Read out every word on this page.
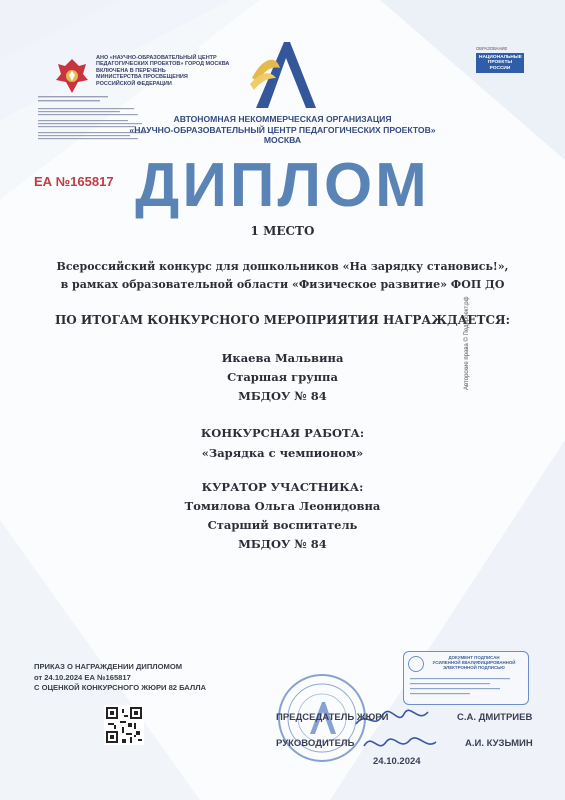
АНО «НАУЧНО-ОБРАЗОВАТЕЛЬНЫЙ ЦЕНТР
ПЕДАГОГИЧЕСКИХ ПРОЕКТОВ» ГОРОД МОСКВА
ВКЛЮЧЕНА В ПЕРЕЧЕНЬ
МИНИСТЕРСТВА ПРОСВЕЩЕНИЯ
РОССИЙСКОЙ ФЕДЕРАЦИИ
ОБРАЗОВАНИЕ
НАЦИОНАЛЬНЫЕ
ПРОЕКТЫ
РОССИИ
АВТОНОМНАЯ НЕКОММЕРЧЕСКАЯ ОРГАНИЗАЦИЯ
«НАУЧНО-ОБРАЗОВАТЕЛЬНЫЙ ЦЕНТР ПЕДАГОГИЧЕСКИХ ПРОЕКТОВ»
МОСКВА
ЕА №165817 ДИПЛОМ
1 МЕСТО
Всероссийский конкурс для дошкольников «На зарядку становись!»,
в рамках образовательной области «Физическое развитие» ФОП ДО
ПО ИТОГАМ КОНКУРСНОГО МЕРОПРИЯТИЯ НАГРАЖДАЕТСЯ:
Икаева Мальвина
Старшая группа
МБДОУ № 84
КОНКУРСНАЯ РАБОТА:
«Зарядка с чемпионом»
КУРАТОР УЧАСТНИКА:
Томилова Ольга Леонидовна
Старший воспитатель
МБДОУ № 84
Авторские права © Педпроект.рф
ПРИКАЗ О НАГРАЖДЕНИИ ДИПЛОМОМ
от 24.10.2024 ЕА №165817
С ОЦЕНКОЙ КОНКУРСНОГО ЖЮРИ 82 БАЛЛА
ДОКУМЕНТ ПОДПИСАН
УСИЛЕННОЙ КВАЛИФИЦИРОВАННОЙ
ЭЛЕКТРОННОЙ ПОДПИСЬЮ
ПРЕДСЕДАТЕЛЬ ЖЮРИ	С.А. ДМИТРИЕВ
РУКОВОДИТЕЛЬ	А.И. КУЗЬМИН
24.10.2024
